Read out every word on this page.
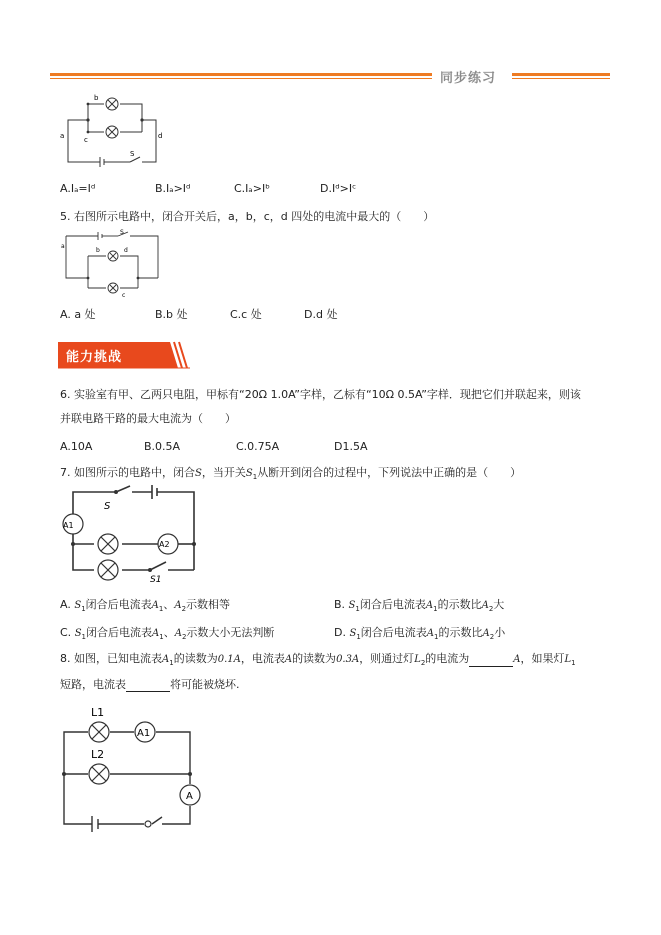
同步练习
b
a	c	d
S
A.Iₐ=Iᵈ	B.Iₐ>Iᵈ	C.Iₐ>Iᵇ	D.Iᵈ>Iᶜ
5. 右图所示电路中，闭合开关后，a，b，c，d 四处的电流中最大的（　　）
a
b
c
d
S
A. a 处	B.b 处	C.c 处	D.d 处
能力挑战
6. 实验室有甲、乙两只电阻，甲标有“20Ω 1.0A”字样，乙标有“10Ω 0.5A”字样．现把它们并联起来，则该
并联电路干路的最大电流为（　　）
A.10A	B.0.5A	C.0.75A	D1.5A
7. 如图所示的电路中，闭合S，当开关$S_1$从断开到闭合的过程中，下列说法中正确的是（　　）
S
A1
A2
S1
A. $S_1$闭合后电流表$A_1$、$A_2$示数相等	B. $S_1$闭合后电流表$A_1$的示数比$A_2$大
C. $S_1$闭合后电流表$A_1$、$A_2$示数大小无法判断	D. $S_1$闭合后电流表$A_1$的示数比$A_2$小
8. 如图，已知电流表$A_1$的读数为0.1A，电流表A的读数为0.3A，则通过灯$L_2$的电流为	A，如果灯$L_1$
短路，电流表	将可能被烧坏.
L1
A1
L2
A
